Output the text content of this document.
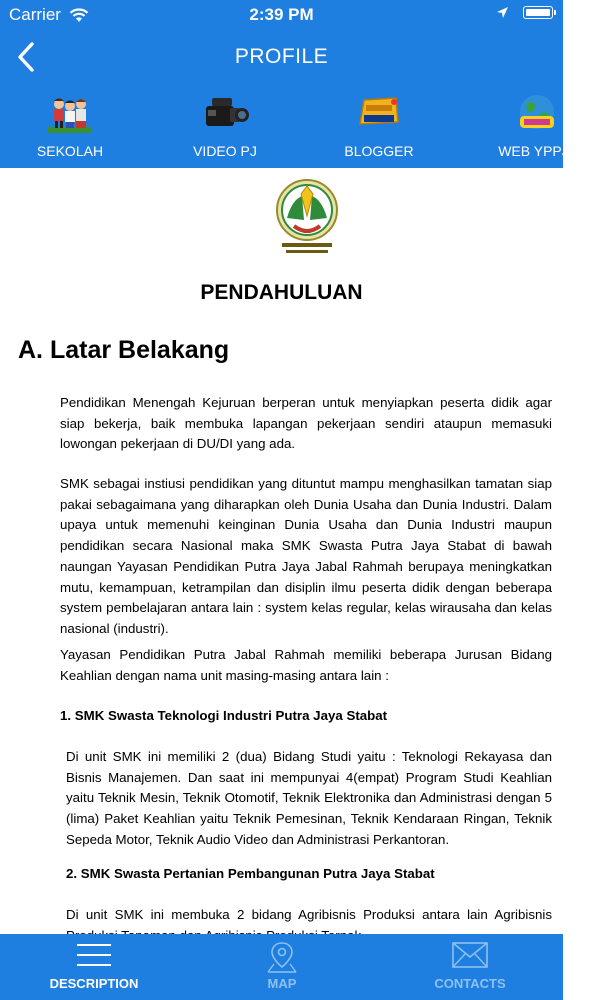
Carrier	2:39 PM
PROFILE
SEKOLAH	VIDEO PJ	BLOGGER	WEB YPPJJ
PENDAHULUAN
A. Latar Belakang
Pendidikan Menengah Kejuruan berperan untuk menyiapkan peserta didik agar siap bekerja, baik membuka lapangan pekerjaan sendiri ataupun memasuki lowongan pekerjaan di DU/DI yang ada.
SMK sebagai instiusi pendidikan yang dituntut mampu menghasilkan tamatan siap pakai sebagaimana yang diharapkan oleh Dunia Usaha dan Dunia Industri. Dalam upaya untuk memenuhi keinginan Dunia Usaha dan Dunia Industri maupun pendidikan secara Nasional maka SMK Swasta Putra Jaya Stabat di bawah naungan Yayasan Pendidikan Putra Jaya Jabal Rahmah berupaya meningkatkan mutu, kemampuan, ketrampilan dan disiplin ilmu peserta didik dengan beberapa system pembelajaran antara lain : system kelas regular, kelas wirausaha dan kelas nasional (industri).
Yayasan Pendidikan Putra Jabal Rahmah memiliki beberapa Jurusan Bidang Keahlian dengan nama unit masing-masing antara lain :
1. SMK Swasta Teknologi Industri Putra Jaya Stabat
Di unit SMK ini memiliki 2 (dua) Bidang Studi yaitu : Teknologi Rekayasa dan Bisnis Manajemen. Dan saat ini mempunyai 4(empat) Program Studi Keahlian yaitu Teknik Mesin, Teknik Otomotif, Teknik Elektronika dan Administrasi dengan 5 (lima) Paket Keahlian yaitu Teknik Pemesinan, Teknik Kendaraan Ringan, Teknik Sepeda Motor, Teknik Audio Video dan Administrasi Perkantoran.
2. SMK Swasta Pertanian Pembangunan Putra Jaya Stabat
Di unit SMK ini membuka 2 bidang Agribisnis Produksi antara lain Agribisnis
DESCRIPTION	MAP	CONTACTS
